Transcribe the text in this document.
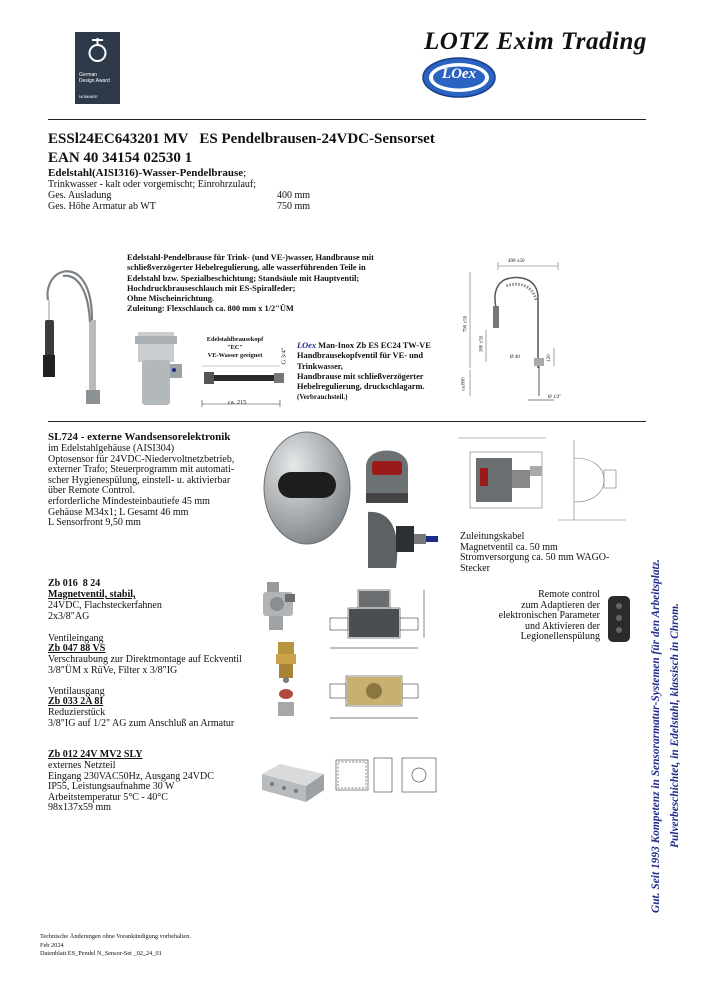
German
Design Award
NOMINEE
LOTZ Exim Trading
LOex
ESSl24EC643201 MV   ES Pendelbrausen-24VDC-Sensorset
EAN 40 34154 02530 1
Edelstahl(AISI316)-Wasser-Pendelbrause;
Trinkwasser - kalt oder vorgemischt; Einrohrzulauf;
Ges. Ausladung	400 mm
Ges. Höhe Armatur ab WT	750 mm
Edelstahl-Pendelbrause für Trink- (und VE-)wasser, Handbrause mit
schließverzögerter Hebelregulierung, alle wasserführenden Teile in
Edelstahl bzw. Spezialbeschichtung; Standsäule mit Hauptventil;
Hochdruckbrauseschlauch mit ES-Spiralfeder;
Ohne Mischeinrichtung.
Zuleitung: Flexschlauch ca. 800 mm x 1/2"ÜM
Edelstahlbrausekopf
"EC"
VE-Wasser geeignet
ca. 215
G 3/4"
LOex Man-Inox Zb ES EC24 TW-VE
Handbrausekopfventil für VE- und
Trinkwasser,
Handbrause mit schließverzögerter
Hebelregulierung, druckschlagarm.
(Verbrauchsteil.)
400 ±50
790 ±50
180 ±50
ca.800
Ø 40	120
Ø 1/2"
SL724 - externe Wandsensorelektronik
im Edelstahlgehäuse (AISI304)
Optosensor für 24VDC-Niedervoltnetzbetrieb,
externer Trafo; Steuerprogramm mit automati-
scher Hygienespülung, einstell- u. aktivierbar
über Remote Control.
erforderliche Mindesteinbautiefe 45 mm
Gehäuse M34x1; L Gesamt 46 mm
L Sensorfront 9,50 mm
Zuleitungskabel
Magnetventil ca. 50 mm
Stromversorgung ca. 50 mm WAGO-
Stecker
Zb 016  8 24
Magnetventil, stabil,
24VDC, Flachsteckerfahnen
2x3/8"AG
Ventileingang
Zb 047 88 VS
Verschraubung zur Direktmontage auf Eckventil
3/8"ÜM x RüVe, Filter x 3/8"IG
Ventilausgang
Zb 033 2A 8I
Reduzierstück
3/8"IG auf 1/2" AG zum Anschluß an Armatur
Remote control
zum Adaptieren der
elektronischen Parameter
und Aktivieren der
Legionellenspülung
Zb 012 24V MV2 SLY
externes Netzteil
Eingang 230VAC50Hz, Ausgang 24VDC
IP55, Leistungsaufnahme 30 W
Arbeitstemperatur 5°C - 40°C
98x137x59 mm	Gut. Seit 1993 Kompetenz in Sensorarmatur-Systemen für den Arbeitsplatz. Pulverbeschichtet, in Edelstahl, klassisch in Chrom.
Technische Änderungen ohne Vorankündigung vorbehalten.
Feb 2024
Datenblatt ES_Pendel N_Sensor-Set _02_24_01
